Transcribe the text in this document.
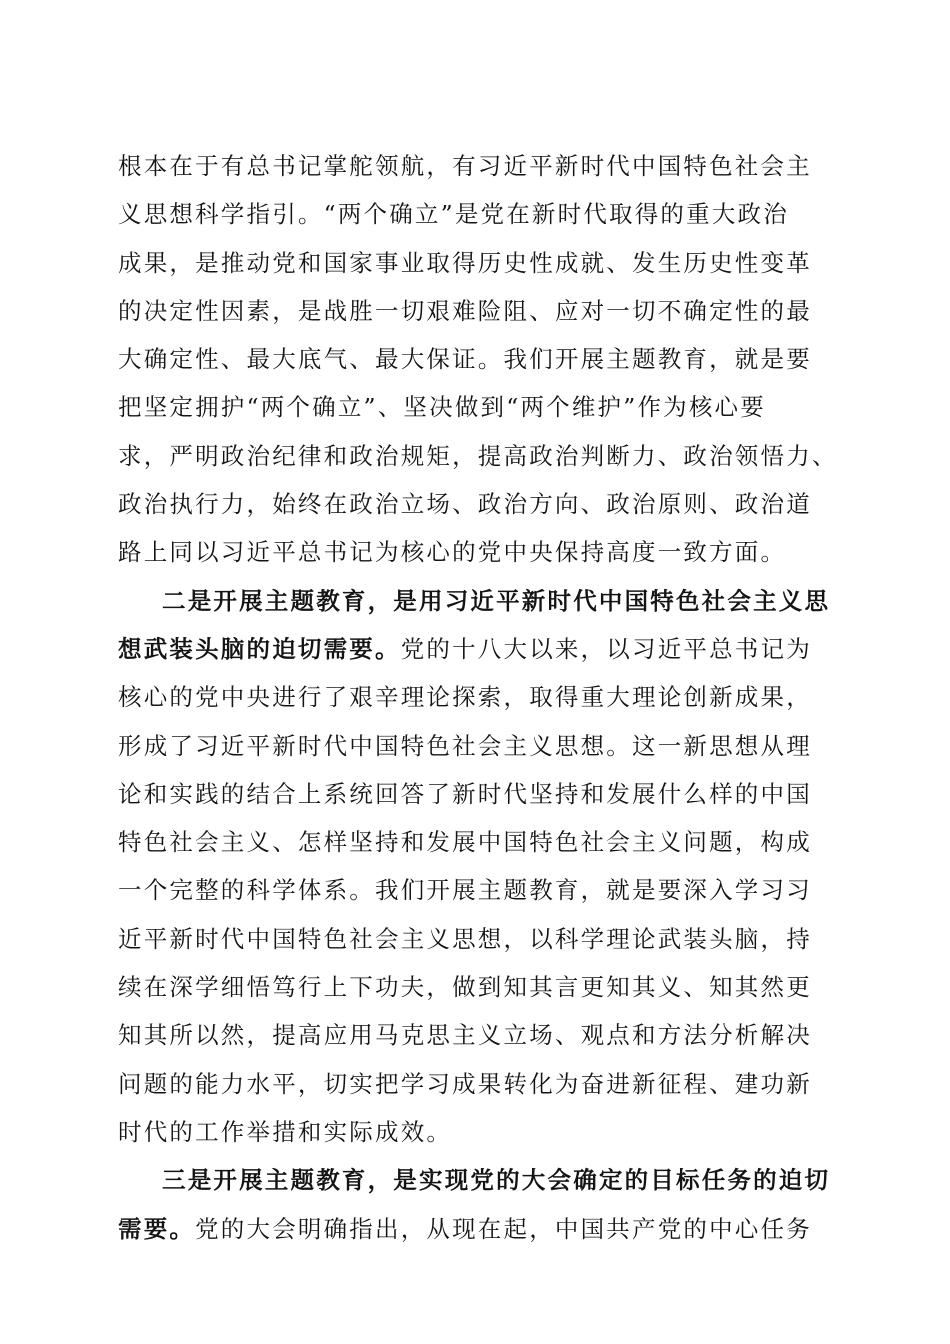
根本在于有总书记掌舵领航，有习近平新时代中国特色社会主
义思想科学指引。“两个确立”是党在新时代取得的重大政治
成果，是推动党和国家事业取得历史性成就、发生历史性变革
的决定性因素，是战胜一切艰难险阻、应对一切不确定性的最
大确定性、最大底气、最大保证。我们开展主题教育，就是要
把坚定拥护“两个确立”、坚决做到“两个维护”作为核心要
求，严明政治纪律和政治规矩，提高政治判断力、政治领悟力、
政治执行力，始终在政治立场、政治方向、政治原则、政治道
路上同以习近平总书记为核心的党中央保持高度一致方面。
二是开展主题教育，是用习近平新时代中国特色社会主义思
想武装头脑的迫切需要。党的十八大以来，以习近平总书记为
核心的党中央进行了艰辛理论探索，取得重大理论创新成果，
形成了习近平新时代中国特色社会主义思想。这一新思想从理
论和实践的结合上系统回答了新时代坚持和发展什么样的中国
特色社会主义、怎样坚持和发展中国特色社会主义问题，构成
一个完整的科学体系。我们开展主题教育，就是要深入学习习
近平新时代中国特色社会主义思想，以科学理论武装头脑，持
续在深学细悟笃行上下功夫，做到知其言更知其义、知其然更
知其所以然，提高应用马克思主义立场、观点和方法分析解决
问题的能力水平，切实把学习成果转化为奋进新征程、建功新
时代的工作举措和实际成效。
三是开展主题教育，是实现党的大会确定的目标任务的迫切
需要。党的大会明确指出，从现在起，中国共产党的中心任务
